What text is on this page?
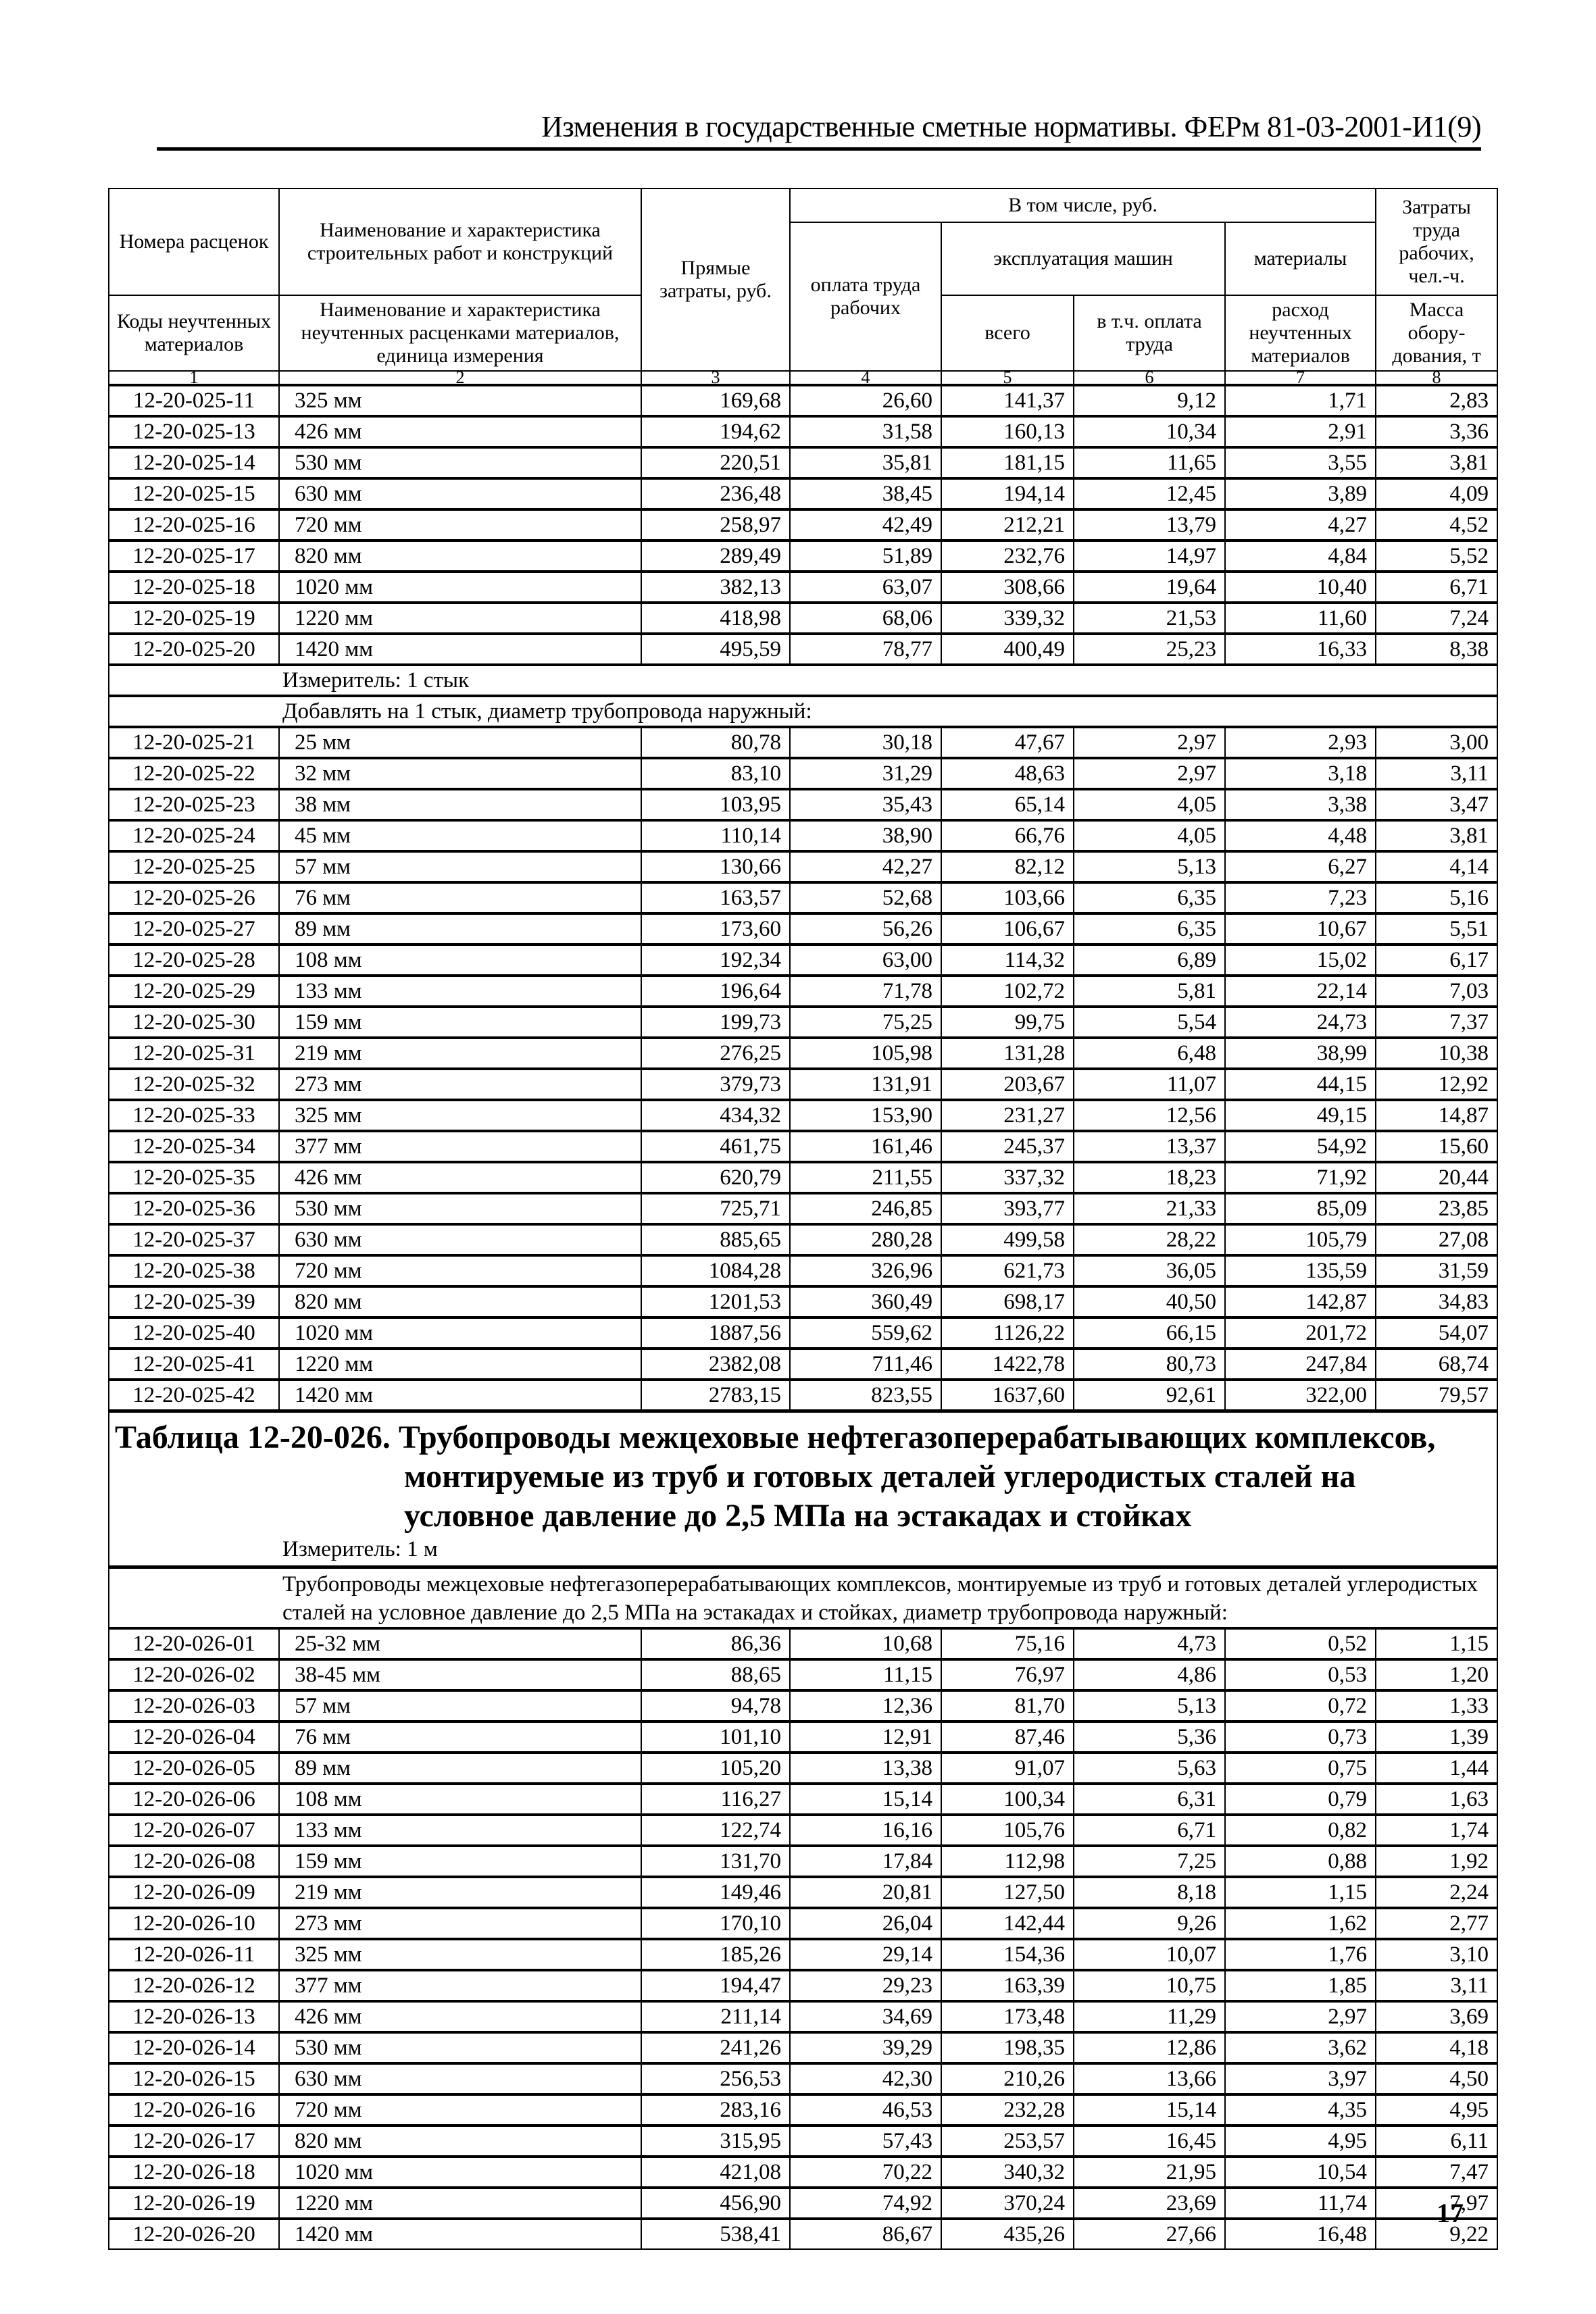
Изменения в государственные сметные нормативы. ФЕРм 81-03-2001-И1(9)
Номера расценок	Наименование и характеристика строительных работ и конструкций	Прямые затраты, руб.	В том числе, руб.				Затраты труда рабочих, чел.-ч.
			оплата труда рабочих	эксплуатация машин		материалы	

Коды неучтенных материалов	Наименование и характеристика неучтенных расценками материалов, единица измерения			всего	в т.ч. оплата труда	расход неучтенных материалов	Масса обору-дования, т

1	2	3	4	5	6	7	8
12-20-025-11	325 мм	169,68	26,60	141,37	9,12	1,71	2,83
12-20-025-13	426 мм	194,62	31,58	160,13	10,34	2,91	3,36
12-20-025-14	530 мм	220,51	35,81	181,15	11,65	3,55	3,81
12-20-025-15	630 мм	236,48	38,45	194,14	12,45	3,89	4,09
12-20-025-16	720 мм	258,97	42,49	212,21	13,79	4,27	4,52
12-20-025-17	820 мм	289,49	51,89	232,76	14,97	4,84	5,52
12-20-025-18	1020 мм	382,13	63,07	308,66	19,64	10,40	6,71
12-20-025-19	1220 мм	418,98	68,06	339,32	21,53	11,60	7,24
12-20-025-20	1420 мм	495,59	78,77	400,49	25,23	16,33	8,38
Измеритель: 1 стык							
Добавлять на 1 стык, диаметр трубопровода наружный:							
12-20-025-21	25 мм	80,78	30,18	47,67	2,97	2,93	3,00
12-20-025-22	32 мм	83,10	31,29	48,63	2,97	3,18	3,11
12-20-025-23	38 мм	103,95	35,43	65,14	4,05	3,38	3,47
12-20-025-24	45 мм	110,14	38,90	66,76	4,05	4,48	3,81
12-20-025-25	57 мм	130,66	42,27	82,12	5,13	6,27	4,14
12-20-025-26	76 мм	163,57	52,68	103,66	6,35	7,23	5,16
12-20-025-27	89 мм	173,60	56,26	106,67	6,35	10,67	5,51
12-20-025-28	108 мм	192,34	63,00	114,32	6,89	15,02	6,17
12-20-025-29	133 мм	196,64	71,78	102,72	5,81	22,14	7,03
12-20-025-30	159 мм	199,73	75,25	99,75	5,54	24,73	7,37
12-20-025-31	219 мм	276,25	105,98	131,28	6,48	38,99	10,38
12-20-025-32	273 мм	379,73	131,91	203,67	11,07	44,15	12,92
12-20-025-33	325 мм	434,32	153,90	231,27	12,56	49,15	14,87
12-20-025-34	377 мм	461,75	161,46	245,37	13,37	54,92	15,60
12-20-025-35	426 мм	620,79	211,55	337,32	18,23	71,92	20,44
12-20-025-36	530 мм	725,71	246,85	393,77	21,33	85,09	23,85
12-20-025-37	630 мм	885,65	280,28	499,58	28,22	105,79	27,08
12-20-025-38	720 мм	1084,28	326,96	621,73	36,05	135,59	31,59
12-20-025-39	820 мм	1201,53	360,49	698,17	40,50	142,87	34,83
12-20-025-40	1020 мм	1887,56	559,62	1126,22	66,15	201,72	54,07
12-20-025-41	1220 мм	2382,08	711,46	1422,78	80,73	247,84	68,74
12-20-025-42	1420 мм	2783,15	823,55	1637,60	92,61	322,00	79,57

Таблица 12-20-026. Трубопроводы межцеховые нефтегазоперерабатывающих комплексов,
монтируемые из труб и готовых деталей углеродистых сталей на
условное давление до 2,5 МПа на эстакадах и стойках
Измеритель: 1 м							

Трубопроводы межцеховые нефтегазоперерабатывающих комплексов, монтируемые из труб и готовых деталей углеродистых сталей на условное давление до 2,5 МПа на эстакадах и стойках, диаметр трубопровода наружный:							
12-20-026-01	25-32 мм	86,36	10,68	75,16	4,73	0,52	1,15
12-20-026-02	38-45 мм	88,65	11,15	76,97	4,86	0,53	1,20
12-20-026-03	57 мм	94,78	12,36	81,70	5,13	0,72	1,33
12-20-026-04	76 мм	101,10	12,91	87,46	5,36	0,73	1,39
12-20-026-05	89 мм	105,20	13,38	91,07	5,63	0,75	1,44
12-20-026-06	108 мм	116,27	15,14	100,34	6,31	0,79	1,63
12-20-026-07	133 мм	122,74	16,16	105,76	6,71	0,82	1,74
12-20-026-08	159 мм	131,70	17,84	112,98	7,25	0,88	1,92
12-20-026-09	219 мм	149,46	20,81	127,50	8,18	1,15	2,24
12-20-026-10	273 мм	170,10	26,04	142,44	9,26	1,62	2,77
12-20-026-11	325 мм	185,26	29,14	154,36	10,07	1,76	3,10
12-20-026-12	377 мм	194,47	29,23	163,39	10,75	1,85	3,11
12-20-026-13	426 мм	211,14	34,69	173,48	11,29	2,97	3,69
12-20-026-14	530 мм	241,26	39,29	198,35	12,86	3,62	4,18
12-20-026-15	630 мм	256,53	42,30	210,26	13,66	3,97	4,50
12-20-026-16	720 мм	283,16	46,53	232,28	15,14	4,35	4,95
12-20-026-17	820 мм	315,95	57,43	253,57	16,45	4,95	6,11
12-20-026-18	1020 мм	421,08	70,22	340,32	21,95	10,54	7,47
12-20-026-19	1220 мм	456,90	74,92	370,24	23,69	11,74	7,97
12-20-026-20	1420 мм	538,41	86,67	435,26	27,66	16,48	9,22
17
